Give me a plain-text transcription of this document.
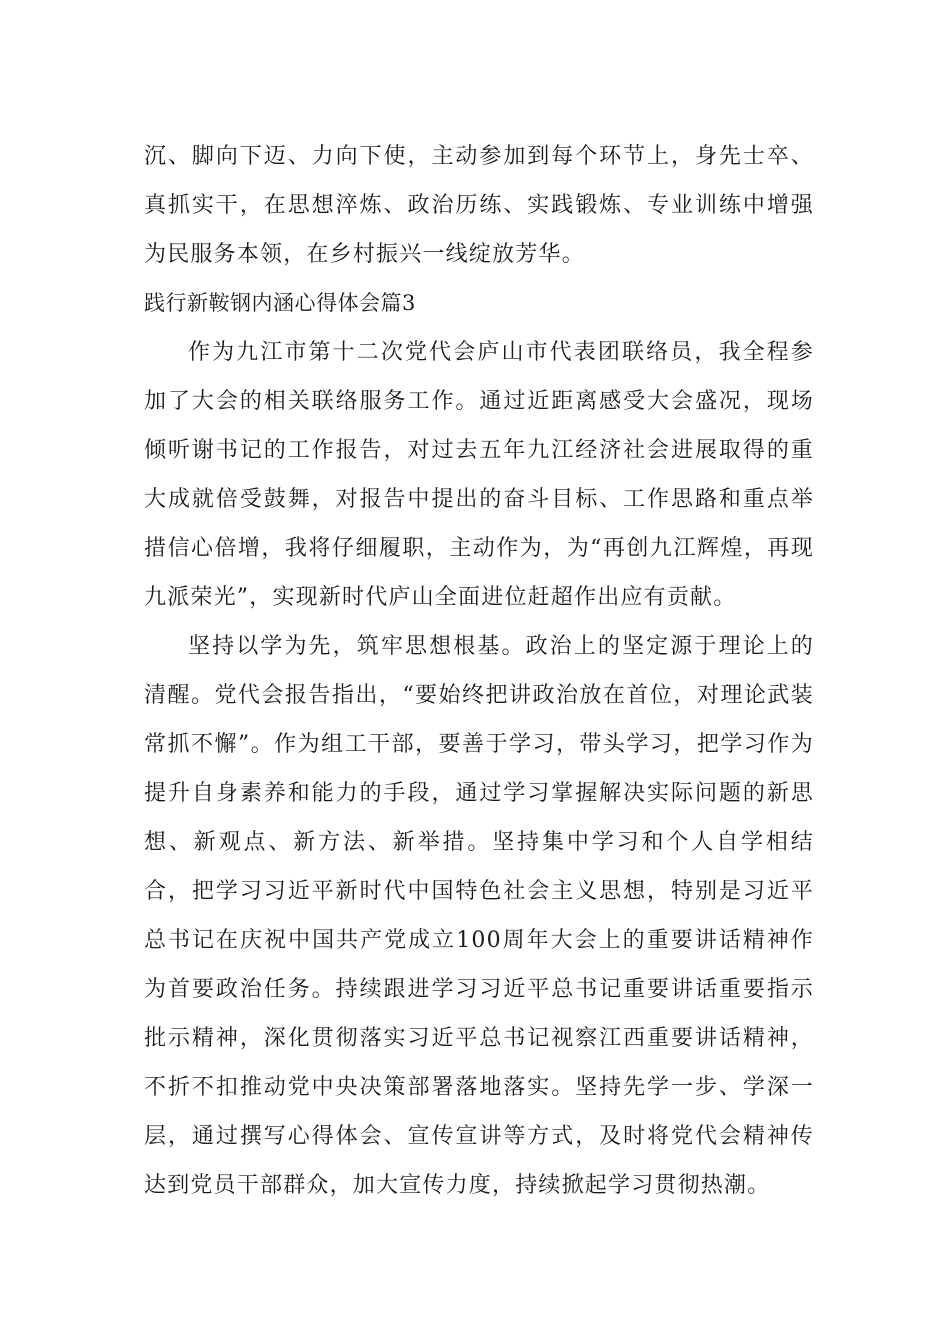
沉、脚向下迈、力向下使，主动参加到每个环节上，身先士卒、真抓实干，在思想淬炼、政治历练、实践锻炼、专业训练中增强为民服务本领，在乡村振兴一线绽放芳华。

践行新鞍钢内涵心得体会篇3

作为九江市第十二次党代会庐山市代表团联络员，我全程参加了大会的相关联络服务工作。通过近距离感受大会盛况，现场倾听谢书记的工作报告，对过去五年九江经济社会进展取得的重大成就倍受鼓舞，对报告中提出的奋斗目标、工作思路和重点举措信心倍增，我将仔细履职，主动作为，为“再创九江辉煌，再现九派荣光”，实现新时代庐山全面进位赶超作出应有贡献。

坚持以学为先，筑牢思想根基。政治上的坚定源于理论上的清醒。党代会报告指出，“要始终把讲政治放在首位，对理论武装常抓不懈”。作为组工干部，要善于学习，带头学习，把学习作为提升自身素养和能力的手段，通过学习掌握解决实际问题的新思想、新观点、新方法、新举措。坚持集中学习和个人自学相结合，把学习习近平新时代中国特色社会主义思想，特别是习近平总书记在庆祝中国共产党成立100周年大会上的重要讲话精神作为首要政治任务。持续跟进学习习近平总书记重要讲话重要指示批示精神，深化贯彻落实习近平总书记视察江西重要讲话精神，不折不扣推动党中央决策部署落地落实。坚持先学一步、学深一层，通过撰写心得体会、宣传宣讲等方式，及时将党代会精神传达到党员干部群众，加大宣传力度，持续掀起学习贯彻热潮。
